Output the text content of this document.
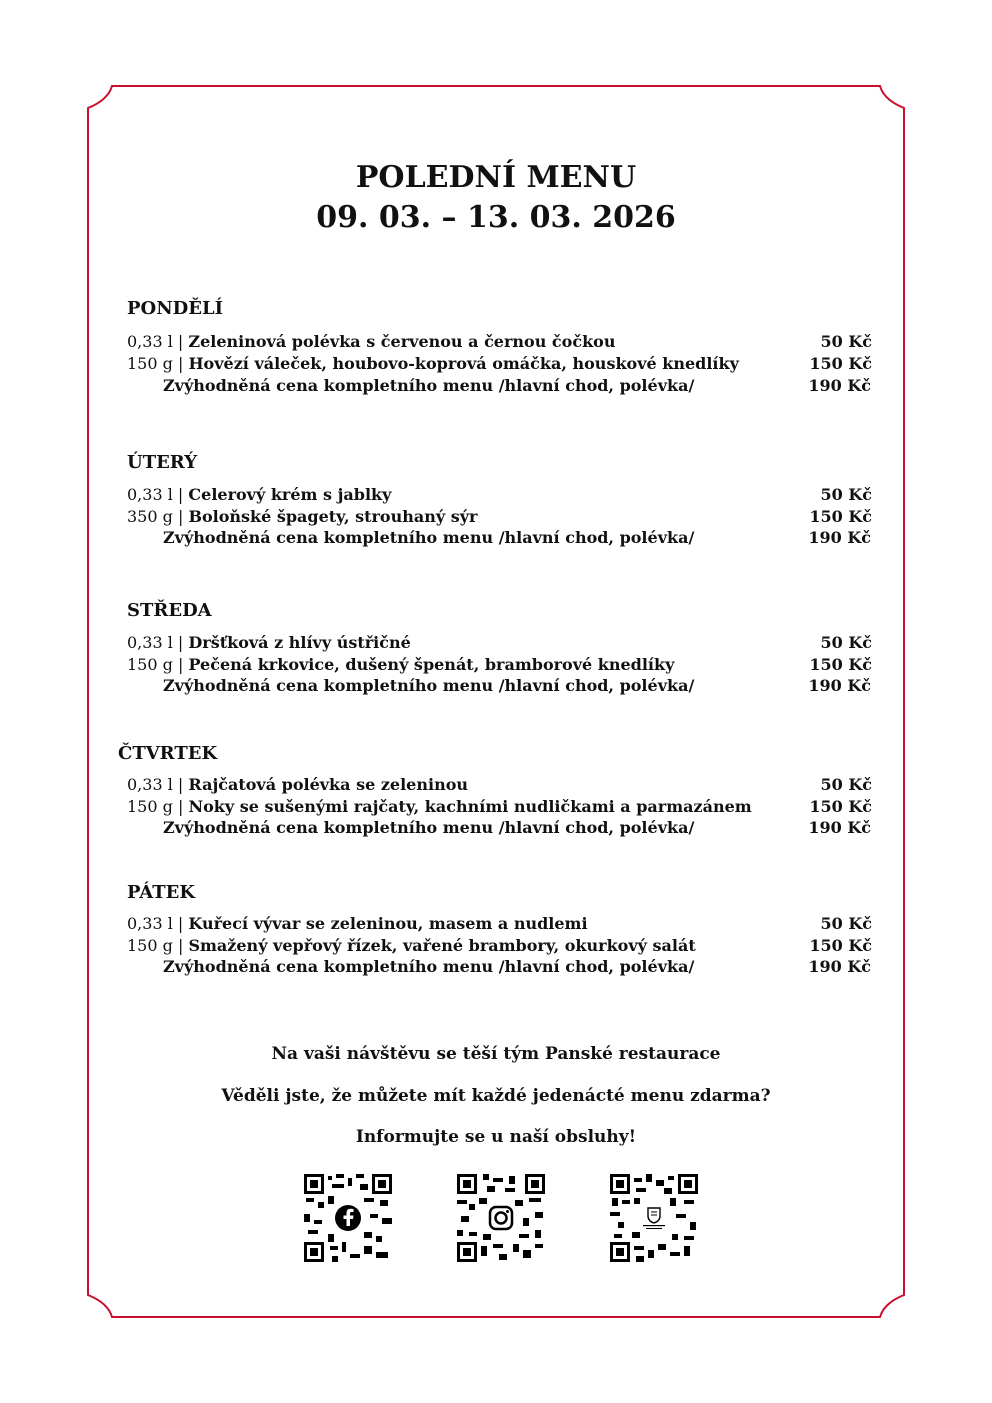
POLEDNÍ MENU
09. 03. – 13. 03. 2026
PONDĚLÍ
0,33 l | Zeleninová polévka s červenou a černou čočkou	50 Kč
150 g | Hovězí váleček, houbovo-koprová omáčka, houskové knedlíky	150 Kč
Zvýhodněná cena kompletního menu /hlavní chod, polévka/	190 Kč
ÚTERÝ
0,33 l | Celerový krém s jablky	50 Kč
350 g | Boloňské špagety, strouhaný sýr	150 Kč
Zvýhodněná cena kompletního menu /hlavní chod, polévka/	190 Kč
STŘEDA
0,33 l | Dršťková z hlívy ústřičné	50 Kč
150 g | Pečená krkovice, dušený špenát, bramborové knedlíky	150 Kč
Zvýhodněná cena kompletního menu /hlavní chod, polévka/	190 Kč
ČTVRTEK
0,33 l | Rajčatová polévka se zeleninou	50 Kč
150 g | Noky se sušenými rajčaty, kachními nudličkami a parmazánem	150 Kč
Zvýhodněná cena kompletního menu /hlavní chod, polévka/	190 Kč
PÁTEK
0,33 l | Kuřecí vývar se zeleninou, masem a nudlemi	50 Kč
150 g | Smažený vepřový řízek, vařené brambory, okurkový salát	150 Kč
Zvýhodněná cena kompletního menu /hlavní chod, polévka/	190 Kč
Na vaši návštěvu se těší tým Panské restaurace
Věděli jste, že můžete mít každé jedenácté menu zdarma?
Informujte se u naší obsluhy!
